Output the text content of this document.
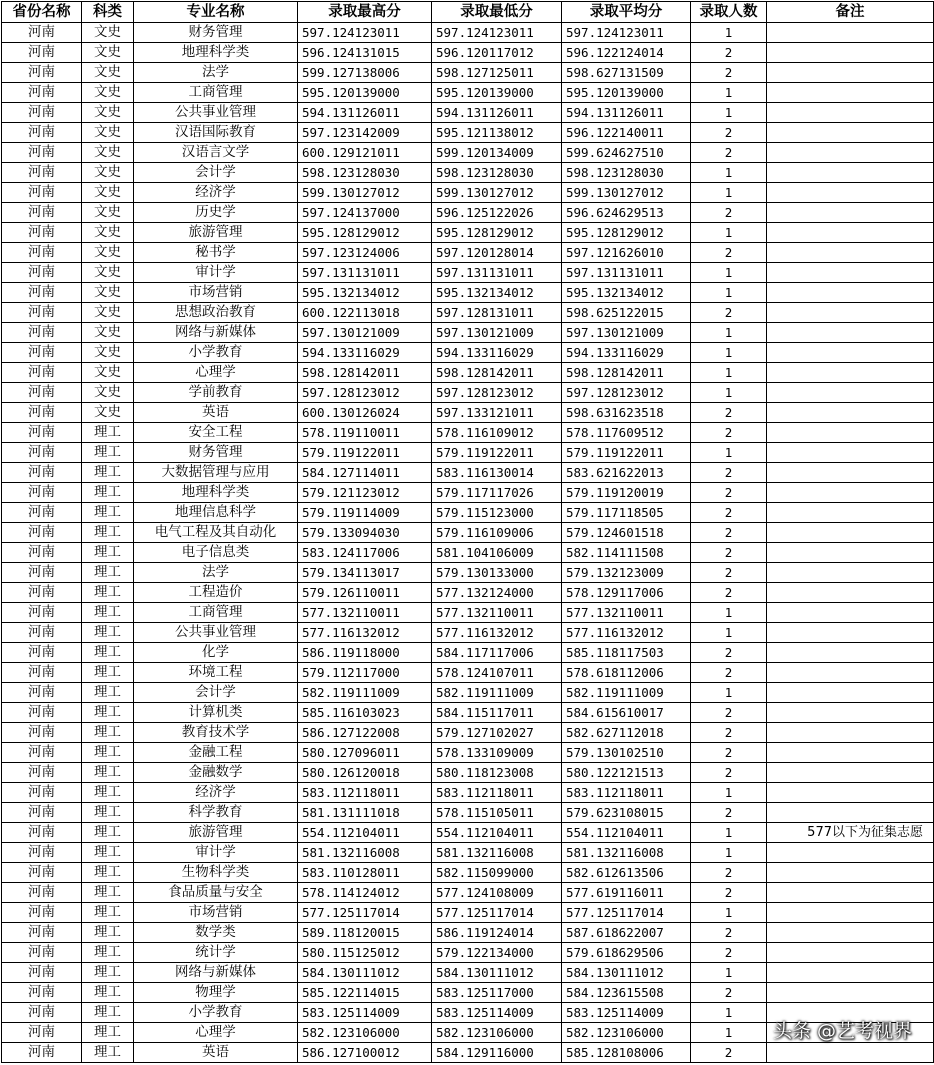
省份名称	科类	专业名称	录取最高分	录取最低分	录取平均分	录取人数	备注
河南	文史	财务管理	597.124123011	597.124123011	597.124123011	1	
河南	文史	地理科学类	596.124131015	596.120117012	596.122124014	2	
河南	文史	法学	599.127138006	598.127125011	598.627131509	2	
河南	文史	工商管理	595.120139000	595.120139000	595.120139000	1	
河南	文史	公共事业管理	594.131126011	594.131126011	594.131126011	1	
河南	文史	汉语国际教育	597.123142009	595.121138012	596.122140011	2	
河南	文史	汉语言文学	600.129121011	599.120134009	599.624627510	2	
河南	文史	会计学	598.123128030	598.123128030	598.123128030	1	
河南	文史	经济学	599.130127012	599.130127012	599.130127012	1	
河南	文史	历史学	597.124137000	596.125122026	596.624629513	2	
河南	文史	旅游管理	595.128129012	595.128129012	595.128129012	1	
河南	文史	秘书学	597.123124006	597.120128014	597.121626010	2	
河南	文史	审计学	597.131131011	597.131131011	597.131131011	1	
河南	文史	市场营销	595.132134012	595.132134012	595.132134012	1	
河南	文史	思想政治教育	600.122113018	597.128131011	598.625122015	2	
河南	文史	网络与新媒体	597.130121009	597.130121009	597.130121009	1	
河南	文史	小学教育	594.133116029	594.133116029	594.133116029	1	
河南	文史	心理学	598.128142011	598.128142011	598.128142011	1	
河南	文史	学前教育	597.128123012	597.128123012	597.128123012	1	
河南	文史	英语	600.130126024	597.133121011	598.631623518	2	
河南	理工	安全工程	578.119110011	578.116109012	578.117609512	2	
河南	理工	财务管理	579.119122011	579.119122011	579.119122011	1	
河南	理工	大数据管理与应用	584.127114011	583.116130014	583.621622013	2	
河南	理工	地理科学类	579.121123012	579.117117026	579.119120019	2	
河南	理工	地理信息科学	579.119114009	579.115123000	579.117118505	2	
河南	理工	电气工程及其自动化	579.133094030	579.116109006	579.124601518	2	
河南	理工	电子信息类	583.124117006	581.104106009	582.114111508	2	
河南	理工	法学	579.134113017	579.130133000	579.132123009	2	
河南	理工	工程造价	579.126110011	577.132124000	578.129117006	2	
河南	理工	工商管理	577.132110011	577.132110011	577.132110011	1	
河南	理工	公共事业管理	577.116132012	577.116132012	577.116132012	1	
河南	理工	化学	586.119118000	584.117117006	585.118117503	2	
河南	理工	环境工程	579.112117000	578.124107011	578.618112006	2	
河南	理工	会计学	582.119111009	582.119111009	582.119111009	1	
河南	理工	计算机类	585.116103023	584.115117011	584.615610017	2	
河南	理工	教育技术学	586.127122008	579.127102027	582.627112018	2	
河南	理工	金融工程	580.127096011	578.133109009	579.130102510	2	
河南	理工	金融数学	580.126120018	580.118123008	580.122121513	2	
河南	理工	经济学	583.112118011	583.112118011	583.112118011	1	
河南	理工	科学教育	581.131111018	578.115105011	579.623108015	2	
河南	理工	旅游管理	554.112104011	554.112104011	554.112104011	1	577以下为征集志愿
河南	理工	审计学	581.132116008	581.132116008	581.132116008	1	
河南	理工	生物科学类	583.110128011	582.115099000	582.612613506	2	
河南	理工	食品质量与安全	578.114124012	577.124108009	577.619116011	2	
河南	理工	市场营销	577.125117014	577.125117014	577.125117014	1	
河南	理工	数学类	589.118120015	586.119124014	587.618622007	2	
河南	理工	统计学	580.115125012	579.122134000	579.618629506	2	
河南	理工	网络与新媒体	584.130111012	584.130111012	584.130111012	1	
河南	理工	物理学	585.122114015	583.125117000	584.123615508	2	
河南	理工	小学教育	583.125114009	583.125114009	583.125114009	1	
河南	理工	心理学	582.123106000	582.123106000	582.123106000	1	
河南	理工	英语	586.127100012	584.129116000	585.128108006	2	
头条 @艺考视界
